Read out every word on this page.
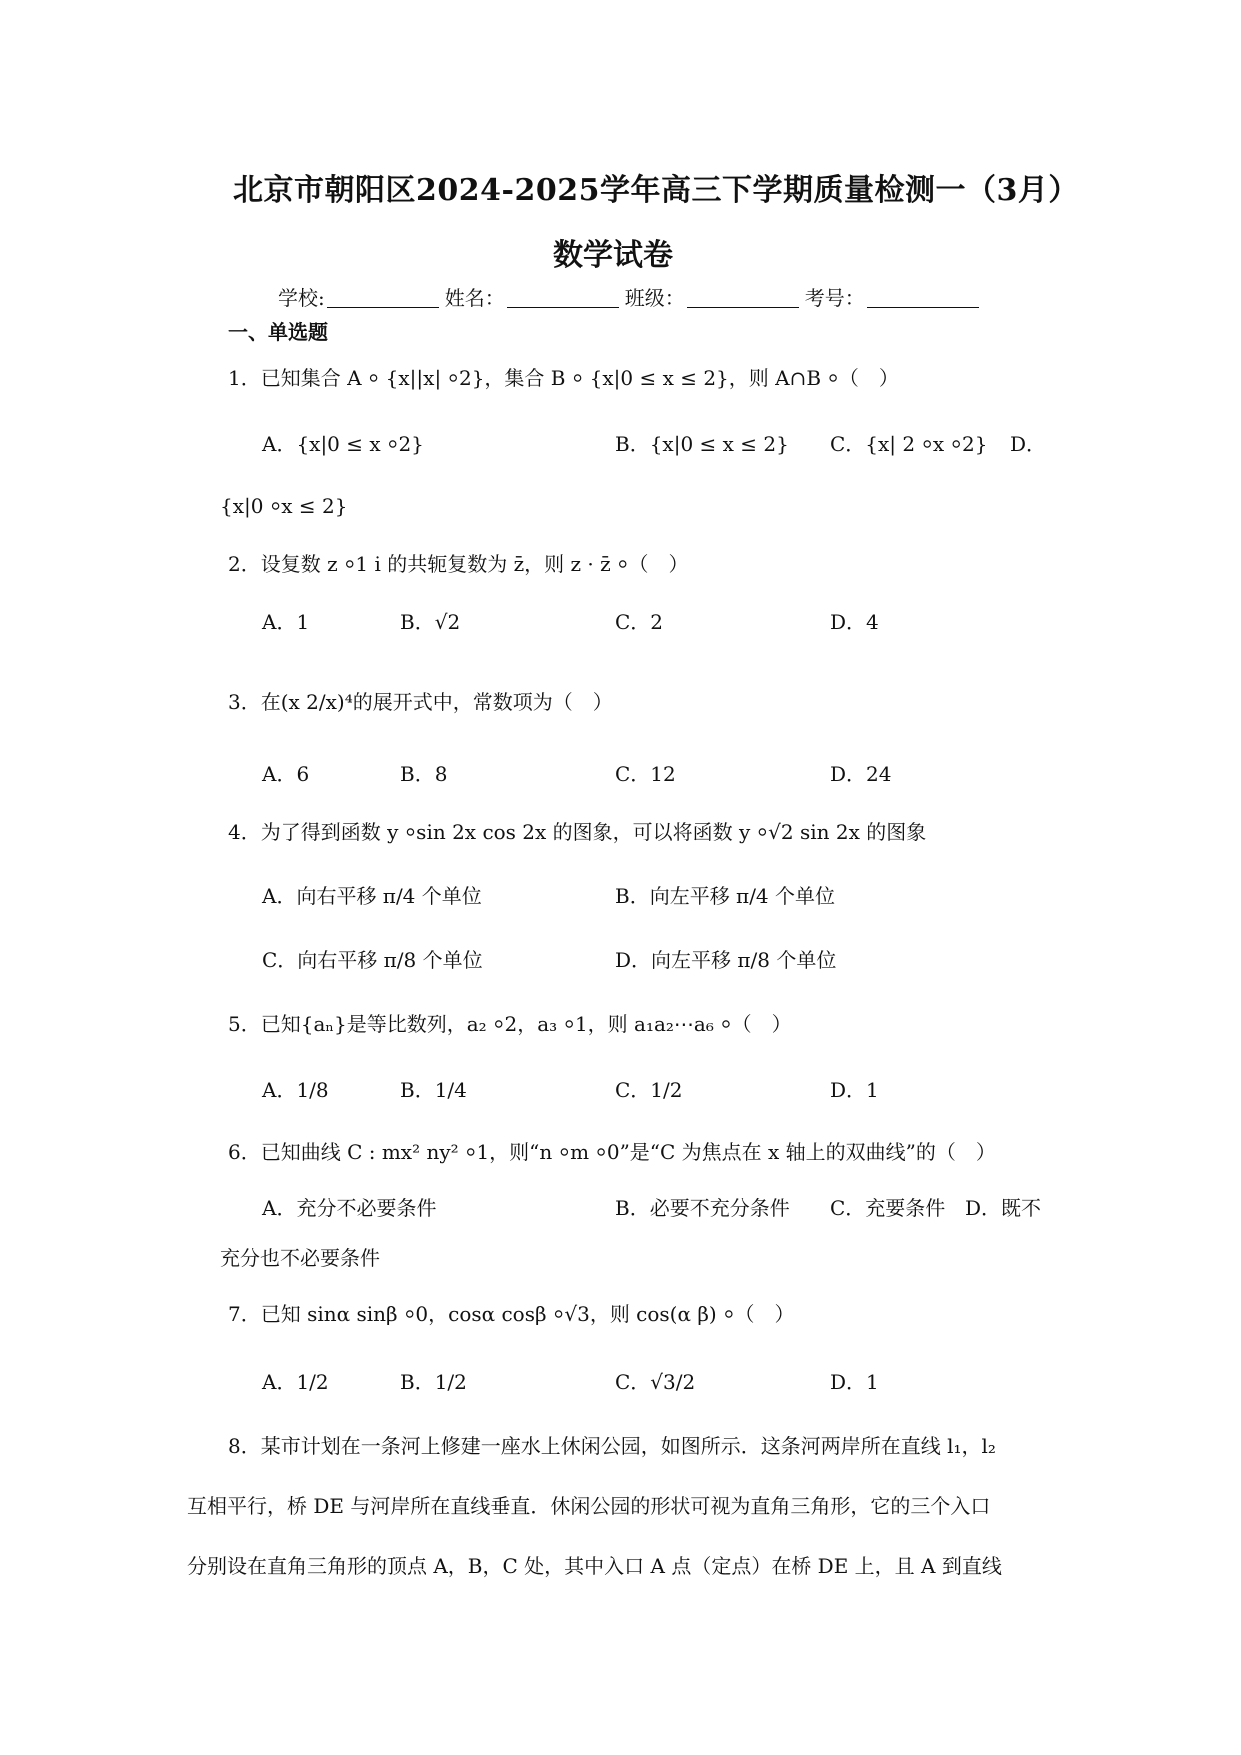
北京市朝阳区2024-2025学年高三下学期质量检测一（3月）
数学试卷
学校:	姓名：	班级：	考号：
一、单选题
1．已知集合 A ⸰ {x||x| ⸰2}，集合 B ⸰ {x|0 ≤ x ≤ 2}，则 A∩B ⸰（　）
A．{x|0 ≤ x ⸰2}	B．{x|0 ≤ x ≤ 2} C．{x| 2 ⸰x ⸰2} D．
{x|0 ⸰x ≤ 2}
2．设复数 z ⸰1 i 的共轭复数为 z̄，则 z · z̄ ⸰（　）
A．1	B．√2	C．2	D．4
3．在(x 2/x)⁴的展开式中，常数项为（　）
A．6	B．8	C．12	D．24
4．为了得到函数 y ⸰sin 2x cos 2x 的图象，可以将函数 y ⸰√2 sin 2x 的图象
A．向右平移 π/4 个单位	B．向左平移 π/4 个单位
C．向右平移 π/8 个单位	D．向左平移 π/8 个单位
5．已知{aₙ}是等比数列，a₂ ⸰2，a₃ ⸰1，则 a₁a₂⋯a₆ ⸰（　）
A．1/8	B．1/4	C．1/2	D．1
6．已知曲线 C : mx² ny² ⸰1，则“n ⸰m ⸰0”是“C 为焦点在 x 轴上的双曲线”的（　）
A．充分不必要条件	B．必要不充分条件 C．充要条件 D．既不
充分也不必要条件
7．已知 sinα sinβ ⸰0，cosα cosβ ⸰√3，则 cos(α β) ⸰（　）
A．1/2	B．1/2	C．√3/2	D．1
8．某市计划在一条河上修建一座水上休闲公园，如图所示．这条河两岸所在直线 l₁，l₂
互相平行，桥 DE 与河岸所在直线垂直．休闲公园的形状可视为直角三角形，它的三个入口
分别设在直角三角形的顶点 A，B，C 处，其中入口 A 点（定点）在桥 DE 上，且 A 到直线
